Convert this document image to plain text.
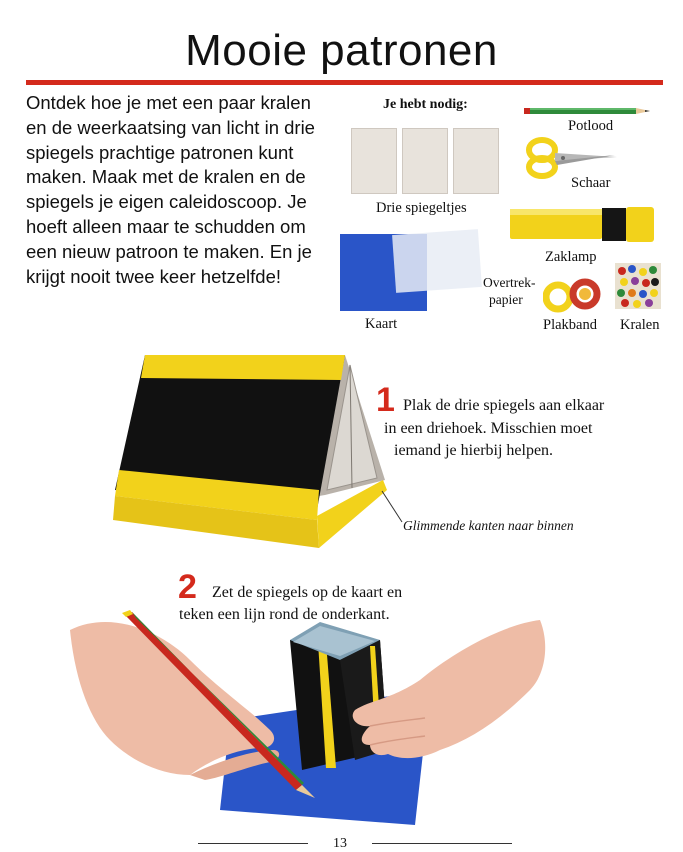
Mooie patronen
Ontdek hoe je met een paar kralen en de weerkaatsing van licht in drie spiegels prachtige patronen kunt maken. Maak met de kralen en de spiegels je eigen caleidoscoop. Je hoeft alleen maar te schudden om een nieuw patroon te maken. En je krijgt nooit twee keer hetzelfde!
Je hebt nodig:
Potlood
Schaar
Drie spiegeltjes
Zaklamp
Kaart
Overtrek-
papier
Plakband Kralen
1 Plak de drie spiegels aan elkaar
in een driehoek. Misschien moet
iemand je hierbij helpen.
Glimmende kanten naar binnen
2 Zet de spiegels op de kaart en
teken een lijn rond de onderkant.
13
